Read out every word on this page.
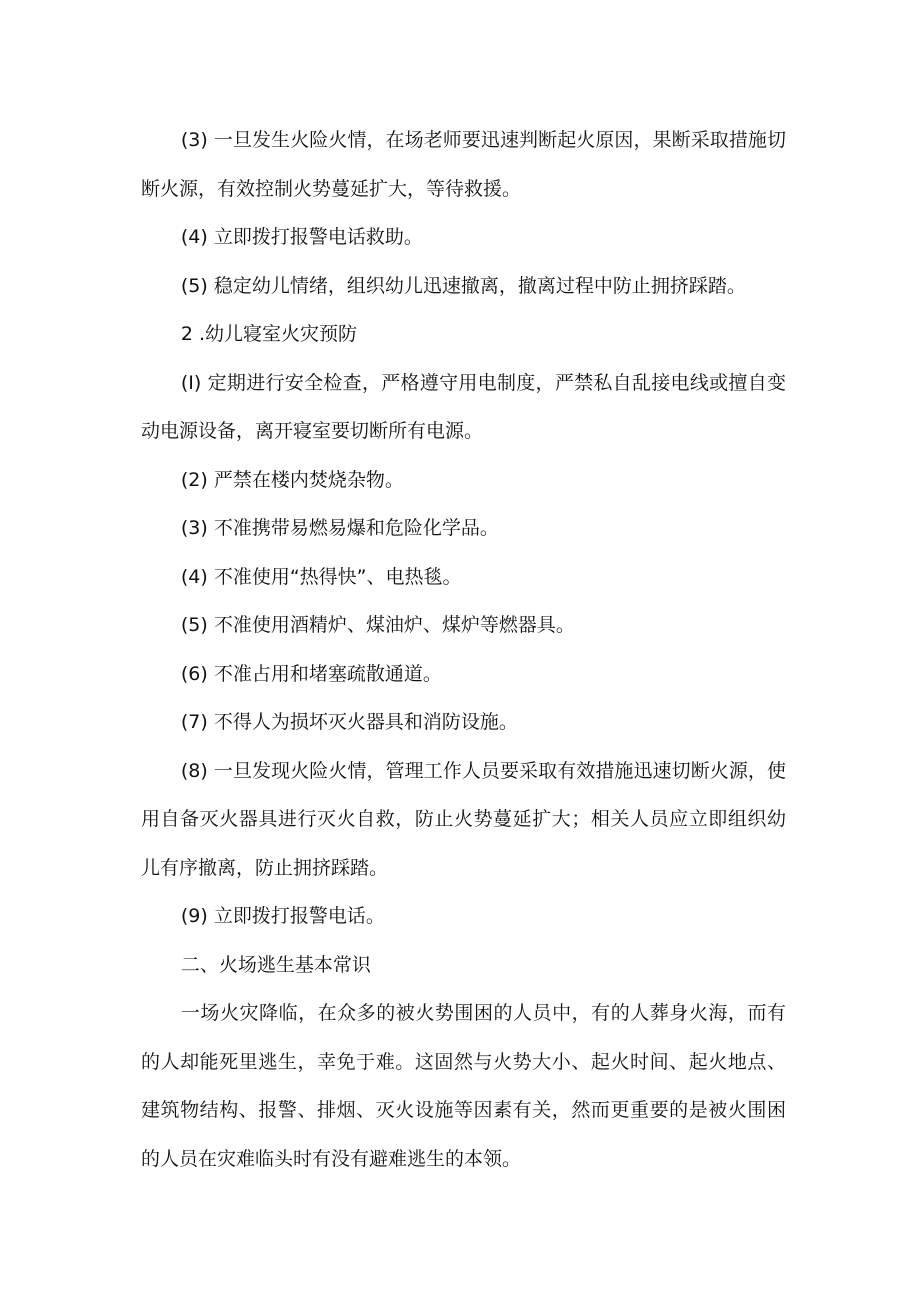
(3) 一旦发生火险火情，在场老师要迅速判断起火原因，果断采取措施切断火源，有效控制火势蔓延扩大，等待救援。

(4) 立即拨打报警电话救助。

(5) 稳定幼儿情绪，组织幼儿迅速撤离，撤离过程中防止拥挤踩踏。

2 .幼儿寝室火灾预防

(I) 定期进行安全检查，严格遵守用电制度，严禁私自乱接电线或擅自变动电源设备，离开寝室要切断所有电源。

(2) 严禁在楼内焚烧杂物。

(3) 不准携带易燃易爆和危险化学品。

(4) 不准使用“热得快”、电热毯。

(5) 不准使用酒精炉、煤油炉、煤炉等燃器具。

(6) 不准占用和堵塞疏散通道。

(7) 不得人为损坏灭火器具和消防设施。

(8) 一旦发现火险火情，管理工作人员要采取有效措施迅速切断火源，使用自备灭火器具进行灭火自救，防止火势蔓延扩大；相关人员应立即组织幼儿有序撤离，防止拥挤踩踏。

(9) 立即拨打报警电话。

二、火场逃生基本常识

一场火灾降临，在众多的被火势围困的人员中，有的人葬身火海，而有的人却能死里逃生，幸免于难。这固然与火势大小、起火时间、起火地点、建筑物结构、报警、排烟、灭火设施等因素有关，然而更重要的是被火围困的人员在灾难临头时有没有避难逃生的本领。
